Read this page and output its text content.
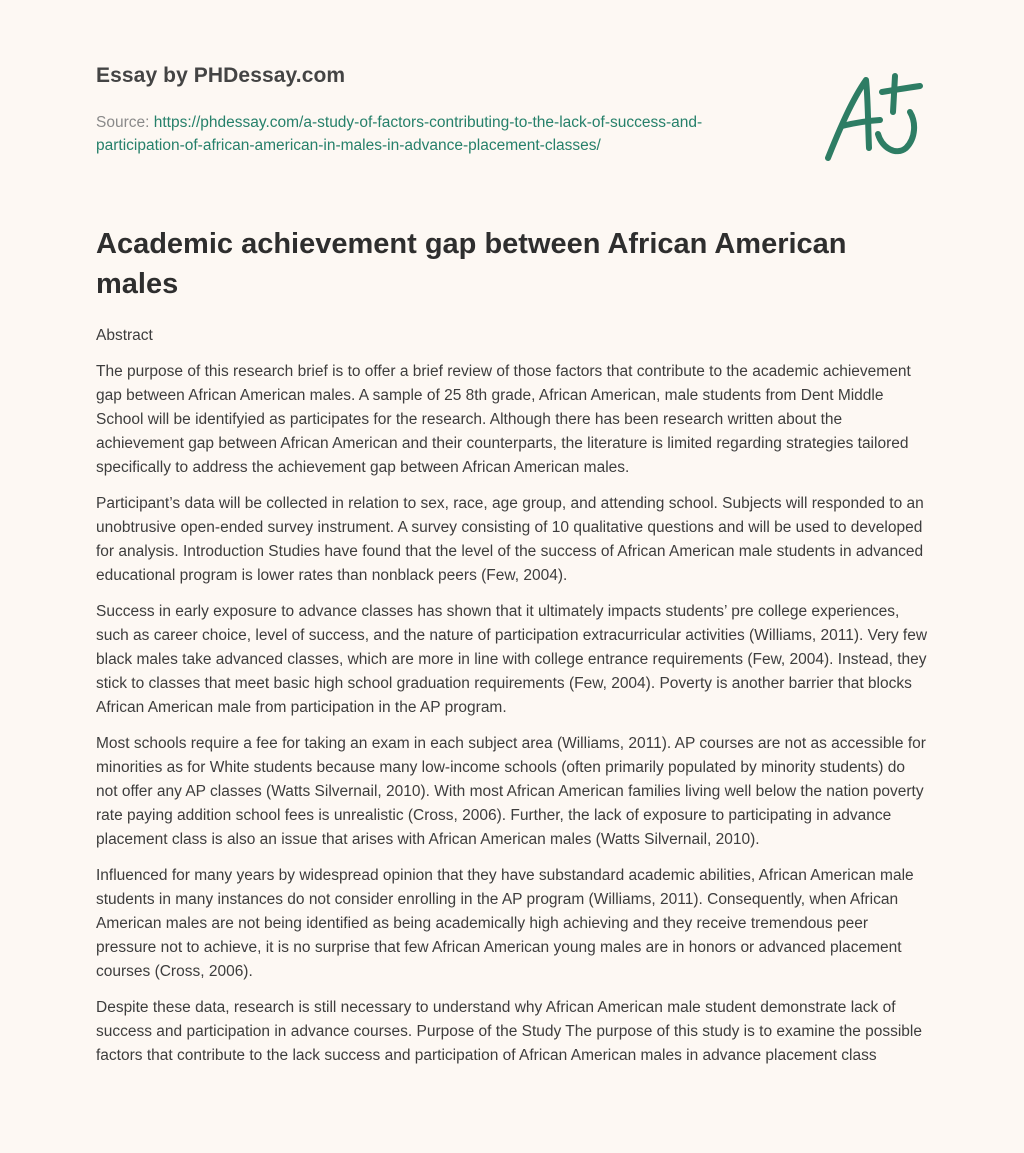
Essay by PHDessay.com
Source: https://phdessay.com/a-study-of-factors-contributing-to-the-lack-of-success-and-participation-of-african-american-in-males-in-advance-placement-classes/
Academic achievement gap between African American males

Abstract

The purpose of this research brief is to offer a brief review of those factors that contribute to the academic achievement gap between African American males. A sample of 25 8th grade, African American, male students from Dent Middle School will be identifyied as participates for the research. Although there has been research written about the achievement gap between African American and their counterparts, the literature is limited regarding strategies tailored specifically to address the achievement gap between African American males.

Participant’s data will be collected in relation to sex, race, age group, and attending school. Subjects will responded to an unobtrusive open-ended survey instrument. A survey consisting of 10 qualitative questions and will be used to developed for analysis. Introduction Studies have found that the level of the success of African American male students in advanced educational program is lower rates than nonblack peers (Few, 2004).

Success in early exposure to advance classes has shown that it ultimately impacts students’ pre college experiences, such as career choice, level of success, and the nature of participation extracurricular activities (Williams, 2011). Very few black males take advanced classes, which are more in line with college entrance requirements (Few, 2004). Instead, they stick to classes that meet basic high school graduation requirements (Few, 2004). Poverty is another barrier that blocks African American male from participation in the AP program.

Most schools require a fee for taking an exam in each subject area (Williams, 2011). AP courses are not as accessible for minorities as for White students because many low-income schools (often primarily populated by minority students) do not offer any AP classes (Watts Silvernail, 2010). With most African American families living well below the nation poverty rate paying addition school fees is unrealistic (Cross, 2006). Further, the lack of exposure to participating in advance placement class is also an issue that arises with African American males (Watts Silvernail, 2010).

Influenced for many years by widespread opinion that they have substandard academic abilities, African American male students in many instances do not consider enrolling in the AP program (Williams, 2011). Consequently, when African American males are not being identified as being academically high achieving and they receive tremendous peer pressure not to achieve, it is no surprise that few African American young males are in honors or advanced placement courses (Cross, 2006).

Despite these data, research is still necessary to understand why African American male student demonstrate lack of success and participation in advance courses. Purpose of the Study The purpose of this study is to examine the possible factors that contribute to the lack success and participation of African American males in advance placement class
